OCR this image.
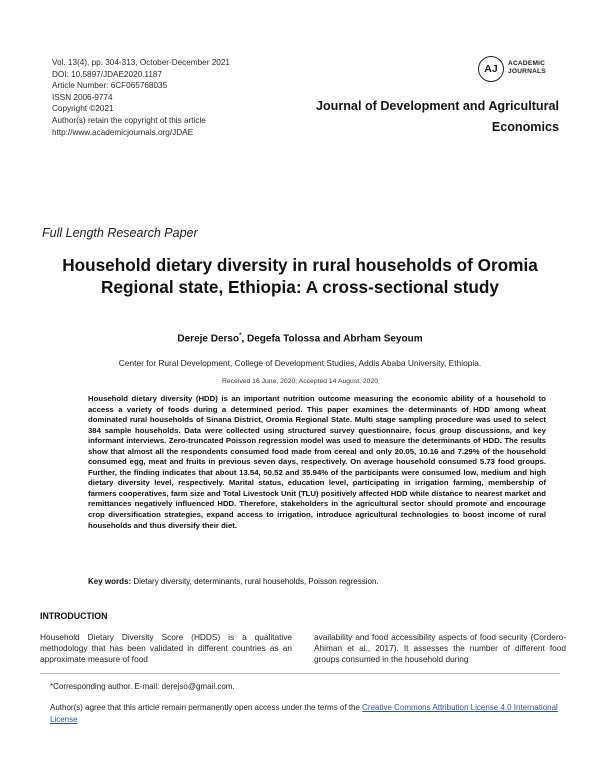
Vol. 13(4), pp. 304-313, October-December 2021
DOI: 10.5897/JDAE2020.1187
Article Number: 6CF065768035
ISSN 2006-9774
Copyright ©2021
Author(s) retain the copyright of this article
http://www.academicjournals.org/JDAE
AJ	ACADEMIC
JOURNALS
Journal of Development and Agricultural
Economics
Full Length Research Paper
Household dietary diversity in rural households of Oromia Regional state, Ethiopia: A cross-sectional study
Dereje Derso*, Degefa Tolossa and Abrham Seyoum
Center for Rural Development, College of Development Studies, Addis Ababa University, Ethiopia.
Received 16 June, 2020; Accepted 14 August, 2020
Household dietary diversity (HDD) is an important nutrition outcome measuring the economic ability of a household to access a variety of foods during a determined period. This paper examines the determinants of HDD among wheat dominated rural households of Sinana District, Oromia Regional State. Multi stage sampling procedure was used to select 384 sample households. Data were collected using structured survey questionnaire, focus group discussions, and key informant interviews. Zero-truncated Poisson regression model was used to measure the determinants of HDD. The results show that almost all the respondents consumed food made from cereal and only 20.05, 10.16 and 7.29% of the household consumed egg, meat and fruits in previous seven days, respectively. On average household consumed 5.73 food groups. Further, the finding indicates that about 13.54, 50.52 and 35.94% of the participants were consumed low, medium and high dietary diversity level, respectively. Marital status, education level, participating in irrigation farming, membership of farmers cooperatives, farm size and Total Livestock Unit (TLU) positively affected HDD while distance to nearest market and remittances negatively influenced HDD. Therefore, stakeholders in the agricultural sector should promote and encourage crop diversification strategies, expand access to irrigation, introduce agricultural technologies to boost income of rural households and thus diversify their diet.
Key words: Dietary diversity, determinants, rural households, Poisson regression.
INTRODUCTION
Household Dietary Diversity Score (HDDS) is a qualitative methodology that has been validated in different countries as an approximate measure of food
availability and food accessibility aspects of food security (Cordero-Ahiman et al., 2017). It assesses the number of different food groups consumed in the household during
*Corresponding author. E-mail: derejso@gmail.com.
Author(s) agree that this article remain permanently open access under the terms of the Creative Commons Attribution License 4.0 International License
